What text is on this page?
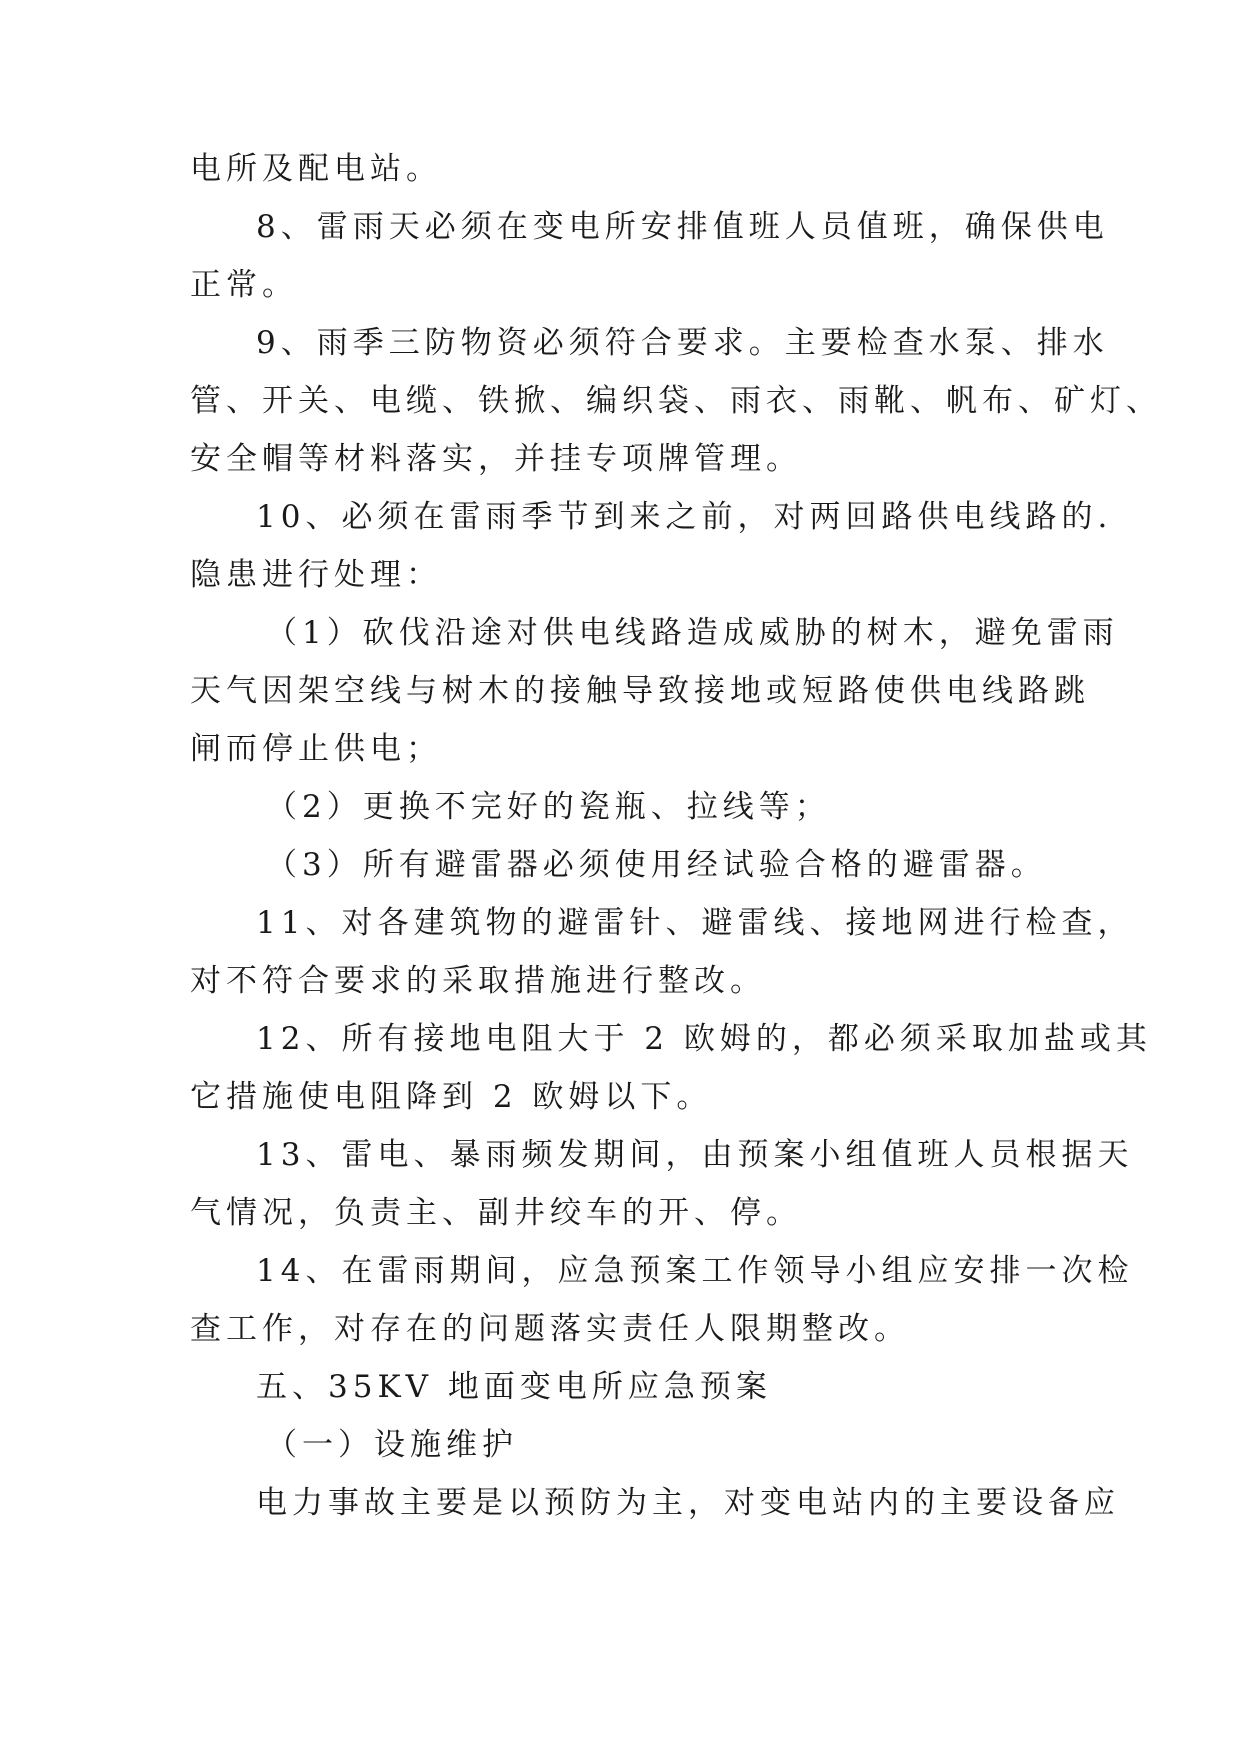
电所及配电站。
8、雷雨天必须在变电所安排值班人员值班，确保供电
正常。
9、雨季三防物资必须符合要求。主要检查水泵、排水
管、开关、电缆、铁掀、编织袋、雨衣、雨靴、帆布、矿灯、
安全帽等材料落实，并挂专项牌管理。
10、必须在雷雨季节到来之前，对两回路供电线路的.
隐患进行处理：
（1）砍伐沿途对供电线路造成威胁的树木，避免雷雨
天气因架空线与树木的接触导致接地或短路使供电线路跳
闸而停止供电；
（2）更换不完好的瓷瓶、拉线等；
（3）所有避雷器必须使用经试验合格的避雷器。
11、对各建筑物的避雷针、避雷线、接地网进行检查，
对不符合要求的采取措施进行整改。
12、所有接地电阻大于 2 欧姆的，都必须采取加盐或其
它措施使电阻降到 2 欧姆以下。
13、雷电、暴雨频发期间，由预案小组值班人员根据天
气情况，负责主、副井绞车的开、停。
14、在雷雨期间，应急预案工作领导小组应安排一次检
查工作，对存在的问题落实责任人限期整改。
五、35KV 地面变电所应急预案
（一）设施维护
电力事故主要是以预防为主，对变电站内的主要设备应
